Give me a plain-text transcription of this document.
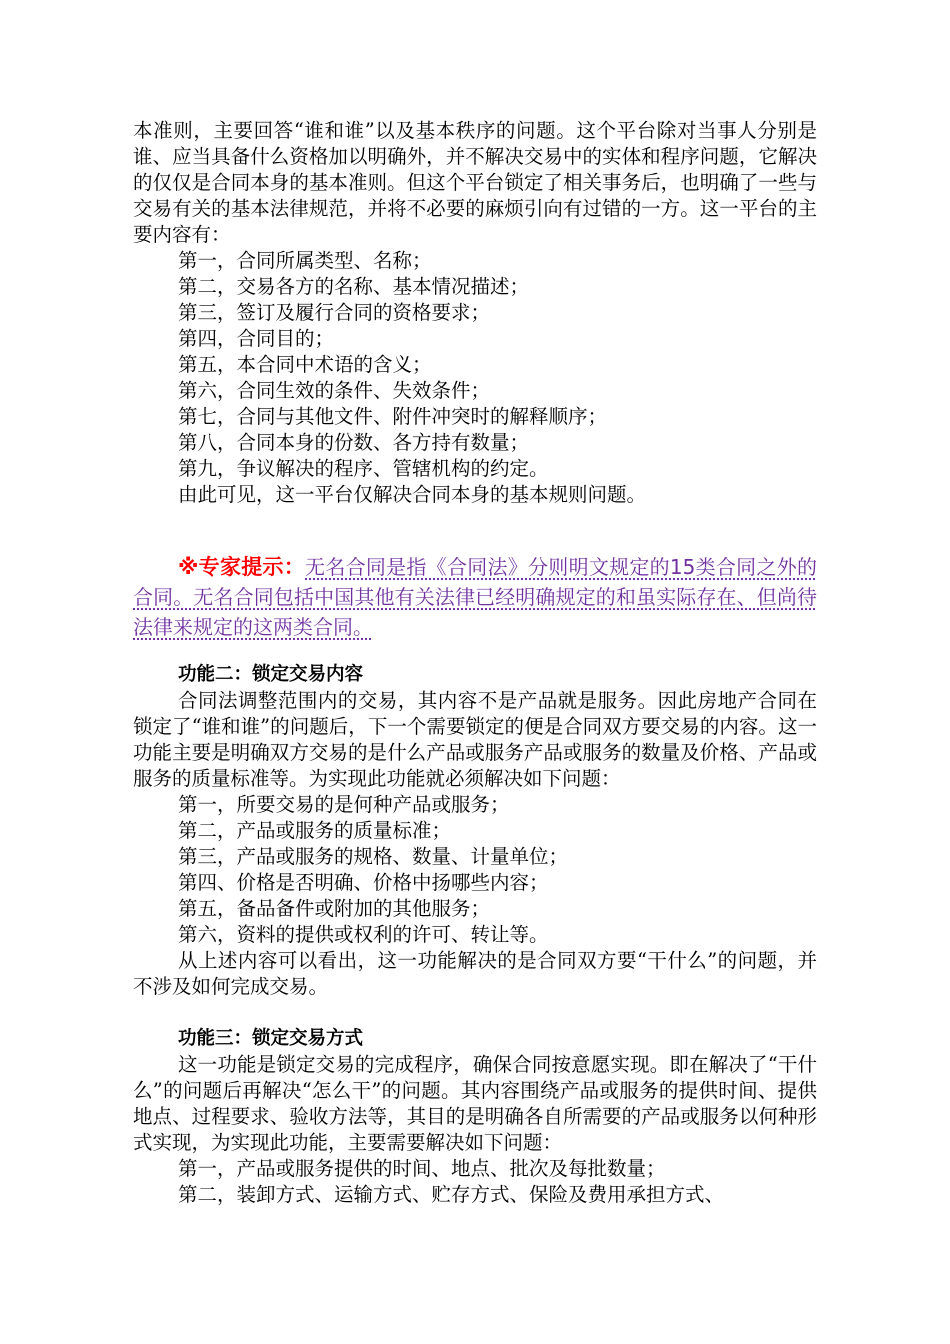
本准则，主要回答“谁和谁”以及基本秩序的问题。这个平台除对当事人分别是谁、应当具备什么资格加以明确外，并不解决交易中的实体和程序问题，它解决的仅仅是合同本身的基本准则。但这个平台锁定了相关事务后，也明确了一些与交易有关的基本法律规范，并将不必要的麻烦引向有过错的一方。这一平台的主要内容有：

第一，合同所属类型、名称；

第二，交易各方的名称、基本情况描述；

第三，签订及履行合同的资格要求；

第四，合同目的；

第五，本合同中术语的含义；

第六，合同生效的条件、失效条件；

第七，合同与其他文件、附件冲突时的解释顺序；

第八，合同本身的份数、各方持有数量；

第九，争议解决的程序、管辖机构的约定。

由此可见，这一平台仅解决合同本身的基本规则问题。

※专家提示：无名合同是指《合同法》分则明文规定的15类合同之外的合同。无名合同包括中国其他有关法律已经明确规定的和虽实际存在、但尚待法律来规定的这两类合同。

功能二：锁定交易内容

合同法调整范围内的交易，其内容不是产品就是服务。因此房地产合同在锁定了“谁和谁”的问题后，下一个需要锁定的便是合同双方要交易的内容。这一功能主要是明确双方交易的是什么产品或服务产品或服务的数量及价格、产品或服务的质量标准等。为实现此功能就必须解决如下问题：

第一，所要交易的是何种产品或服务；

第二，产品或服务的质量标准；

第三，产品或服务的规格、数量、计量单位；

第四、价格是否明确、价格中扬哪些内容；

第五，备品备件或附加的其他服务；

第六，资料的提供或权利的许可、转让等。

从上述内容可以看出，这一功能解决的是合同双方要“干什么”的问题，并不涉及如何完成交易。

功能三：锁定交易方式

这一功能是锁定交易的完成程序，确保合同按意愿实现。即在解决了“干什么”的问题后再解决“怎么干”的问题。其内容围绕产品或服务的提供时间、提供地点、过程要求、验收方法等，其目的是明确各自所需要的产品或服务以何种形式实现，为实现此功能，主要需要解决如下问题：

第一，产品或服务提供的时间、地点、批次及每批数量；

第二，装卸方式、运输方式、贮存方式、保险及费用承担方式、
